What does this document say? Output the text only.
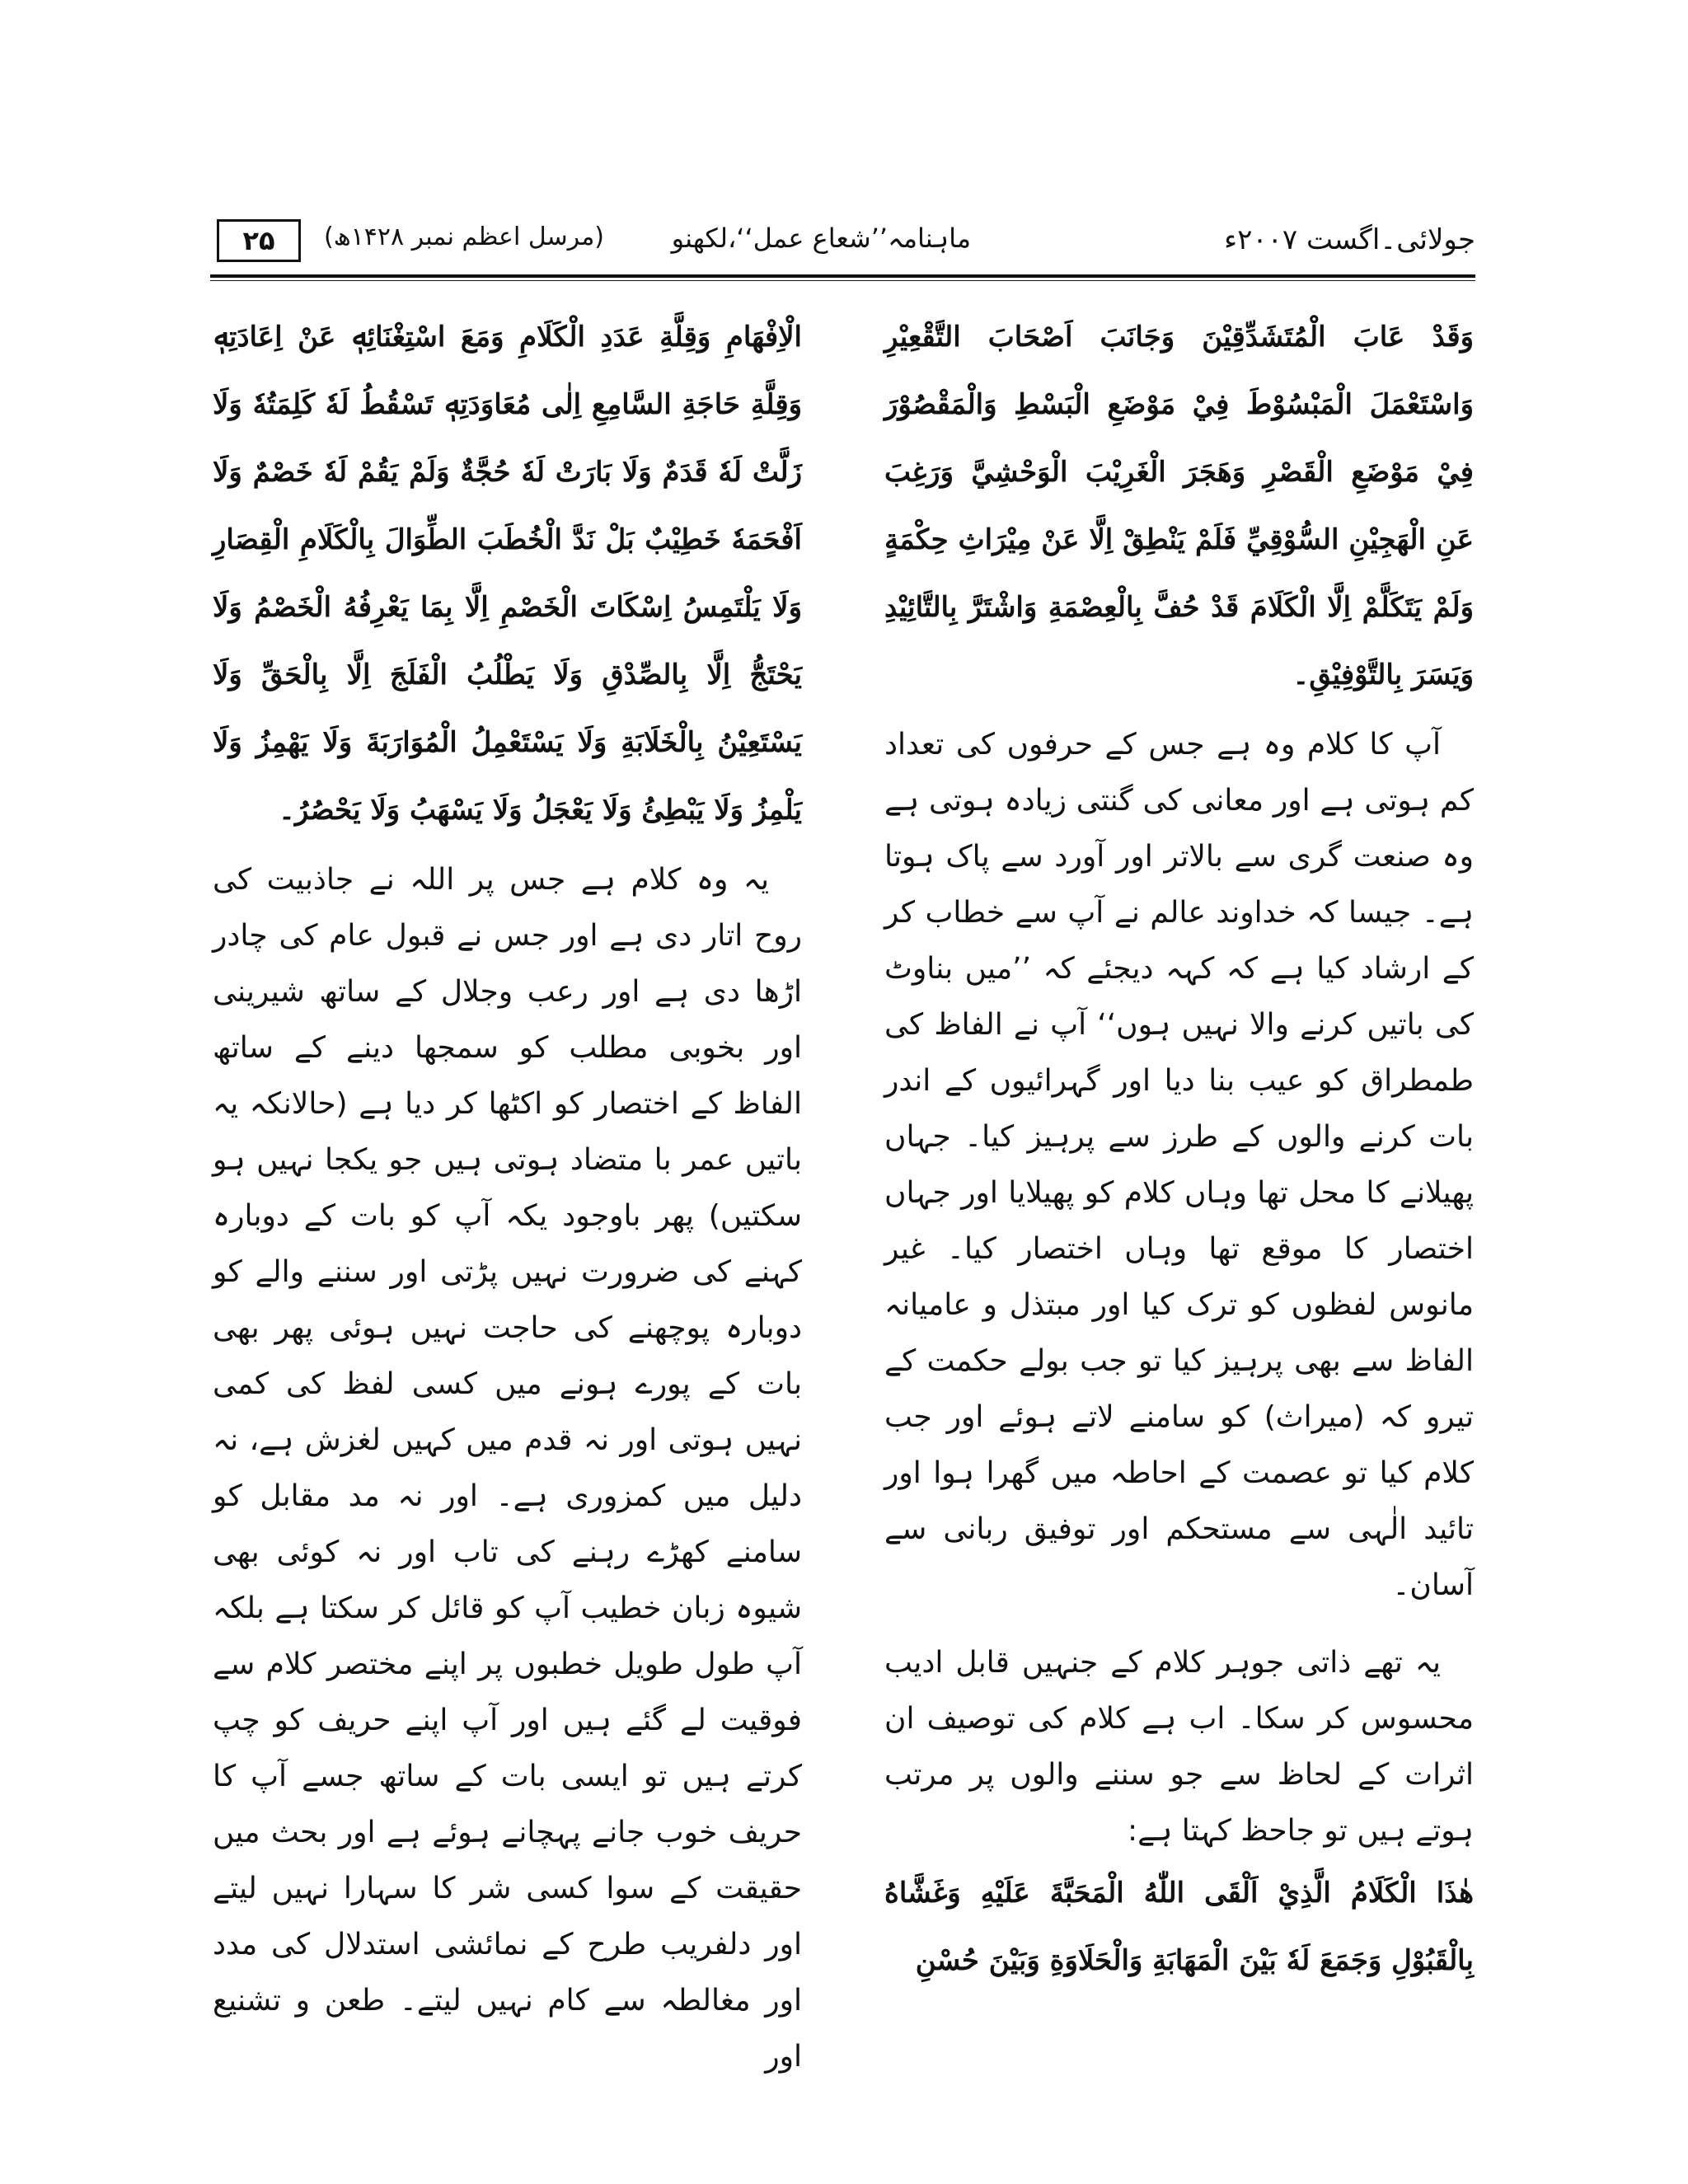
جولائی۔اگست ۲۰۰۷ء
ماہنامہ’’شعاع عمل‘‘،لکھنو
(مرسل اعظم نمبر ۱۴۲۸ھ)
۲۵

وَقَدْ عَابَ الْمُتَشَدِّقِيْنَ وَجَانَبَ اَصْحَابَ التَّقْعِيْرِ وَاسْتَعْمَلَ الْمَبْسُوْطَ فِيْ مَوْضَعِ الْبَسْطِ وَالْمَقْصُوْرَ فِيْ مَوْضَعِ الْقَصْرِ وَهَجَرَ الْغَرِيْبَ الْوَحْشِيَّ وَرَغِبَ عَنِ الْهَجِيْنِ السُّوْقِيِّ فَلَمْ يَنْطِقْ اِلَّا عَنْ مِيْرَاثِ حِكْمَةٍ وَلَمْ يَتَكَلَّمْ اِلَّا الْكَلَامَ قَدْ حُفَّ بِالْعِصْمَةِ وَاشْتَرَّ بِالتَّائِيْدِ وَيَسَرَ بِالتَّوْفِيْقِ۔

آپ کا کلام وہ ہے جس کے حرفوں کی تعداد کم ہوتی ہے اور معانی کی گنتی زیادہ ہوتی ہے وہ صنعت گری سے بالاتر اور آورد سے پاک ہوتا ہے۔ جیسا کہ خداوند عالم نے آپ سے خطاب کر کے ارشاد کیا ہے کہ کہہ دیجئے کہ ’’میں بناوٹ کی باتیں کرنے والا نہیں ہوں‘‘ آپ نے الفاظ کی طمطراق کو عیب بنا دیا اور گہرائیوں کے اندر بات کرنے والوں کے طرز سے پرہیز کیا۔ جہاں پھیلانے کا محل تھا وہاں کلام کو پھیلایا اور جہاں اختصار کا موقع تھا وہاں اختصار کیا۔ غیر مانوس لفظوں کو ترک کیا اور مبتذل و عامیانہ الفاظ سے بھی پرہیز کیا تو جب بولے حکمت کے تیرو کہ (میراث) کو سامنے لاتے ہوئے اور جب کلام کیا تو عصمت کے احاطہ میں گھرا ہوا اور تائید الٰہی سے مستحکم اور توفیق ربانی سے آسان۔

یہ تھے ذاتی جوہر کلام کے جنہیں قابل ادیب محسوس کر سکا۔ اب ہے کلام کی توصیف ان اثرات کے لحاظ سے جو سننے والوں پر مرتب ہوتے ہیں تو جاحظ کہتا ہے:

هٰذَا الْكَلَامُ الَّذِيْ اَلْقَى اللّٰهُ الْمَحَبَّةَ عَلَيْهِ وَغَشَّاهُ بِالْقَبُوْلِ وَجَمَعَ لَهٗ بَيْنَ الْمَهَابَةِ وَالْحَلَاوَةِ وَبَيْنَ حُسْنِ

الْاِفْهَامِ وَقِلَّةِ عَدَدِ الْكَلَامِ وَمَعَ اسْتِغْنَائِهٖ عَنْ اِعَادَتِهٖ وَقِلَّةِ حَاجَةِ السَّامِعِ اِلٰى مُعَاوَدَتِهٖ تَسْقُطُ لَهٗ كَلِمَتُهٗ وَلَا زَلَّتْ لَهٗ قَدَمٌ وَلَا بَارَتْ لَهٗ حُجَّةٌ وَلَمْ يَقُمْ لَهٗ خَصْمٌ وَلَا اَفْحَمَهٗ خَطِيْبٌ بَلْ نَدَّ الْخُطَبَ الطِّوَالَ بِالْكَلَامِ الْقِصَارِ وَلَا يَلْتَمِسُ اِسْكَاتَ الْخَصْمِ اِلَّا بِمَا يَعْرِفُهُ الْخَصْمُ وَلَا يَحْتَجُّ اِلَّا بِالصِّدْقِ وَلَا يَطْلُبُ الْفَلَجَ اِلَّا بِالْحَقِّ وَلَا يَسْتَعِيْنُ بِالْخَلَابَةِ وَلَا يَسْتَعْمِلُ الْمُوَارَبَةَ وَلَا يَهْمِزُ وَلَا يَلْمِزُ وَلَا يَبْطِئُ وَلَا يَعْجَلُ وَلَا يَسْهَبُ وَلَا يَحْصُرُ۔

یہ وہ کلام ہے جس پر اللہ نے جاذبیت کی روح اتار دی ہے اور جس نے قبول عام کی چادر اڑھا دی ہے اور رعب وجلال کے ساتھ شیرینی اور بخوبی مطلب کو سمجھا دینے کے ساتھ الفاظ کے اختصار کو اکٹھا کر دیا ہے (حالانکہ یہ باتیں عمر با متضاد ہوتی ہیں جو یکجا نہیں ہو سکتیں) پھر باوجود یکہ آپ کو بات کے دوبارہ کہنے کی ضرورت نہیں پڑتی اور سننے والے کو دوبارہ پوچھنے کی حاجت نہیں ہوئی پھر بھی بات کے پورے ہونے میں کسی لفظ کی کمی نہیں ہوتی اور نہ قدم میں کہیں لغزش ہے، نہ دلیل میں کمزوری ہے۔ اور نہ مد مقابل کو سامنے کھڑے رہنے کی تاب اور نہ کوئی بھی شیوہ زبان خطیب آپ کو قائل کر سکتا ہے بلکہ آپ طول طویل خطبوں پر اپنے مختصر کلام سے فوقیت لے گئے ہیں اور آپ اپنے حریف کو چپ کرتے ہیں تو ایسی بات کے ساتھ جسے آپ کا حریف خوب جانے پہچانے ہوئے ہے اور بحث میں حقیقت کے سوا کسی شر کا سہارا نہیں لیتے اور دلفریب طرح کے نمائشی استدلال کی مدد اور مغالطہ سے کام نہیں لیتے۔ طعن و تشنیع اور
